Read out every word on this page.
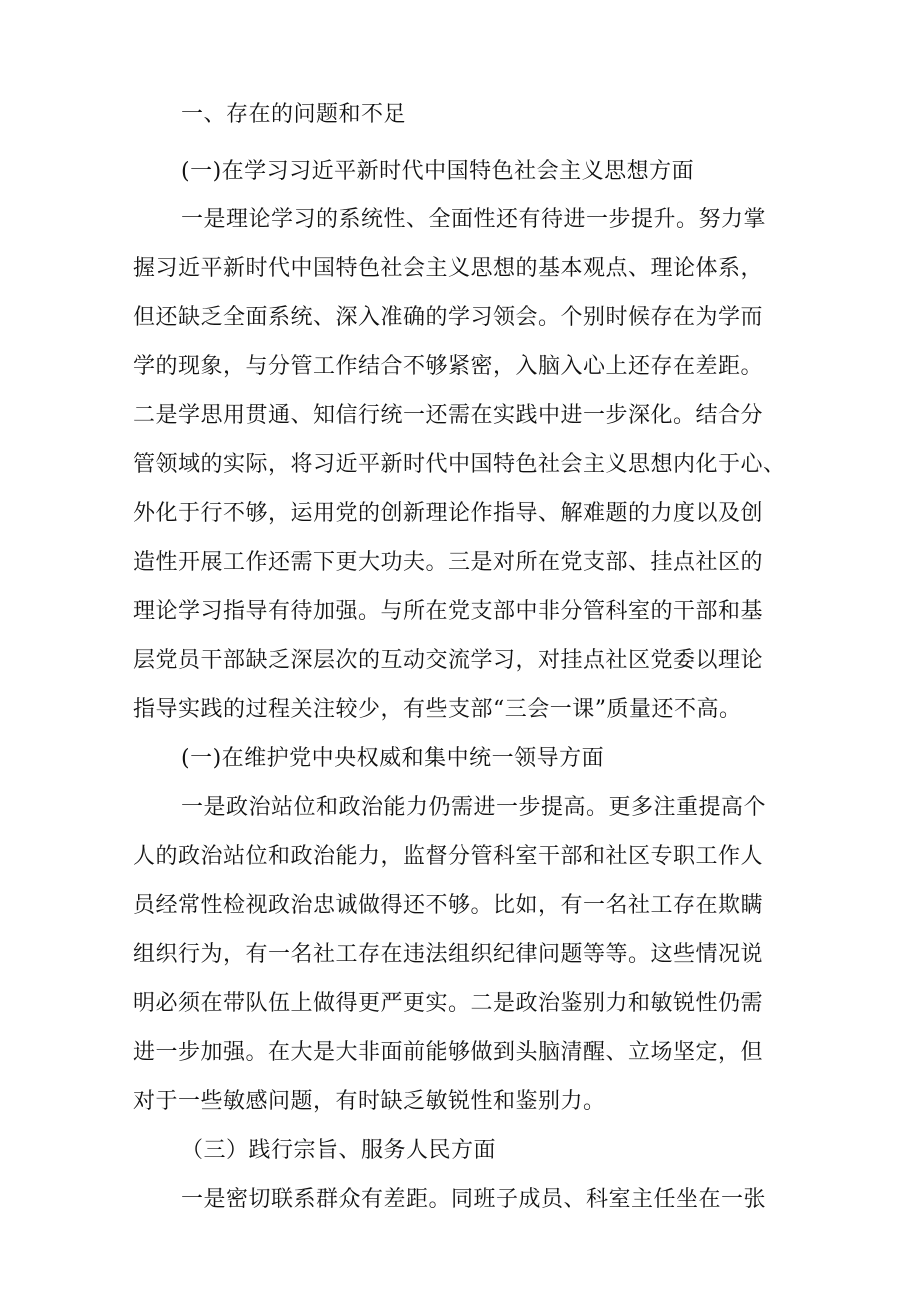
一、存在的问题和不足
(一)在学习习近平新时代中国特色社会主义思想方面
一是理论学习的系统性、全面性还有待进一步提升。努力掌
握习近平新时代中国特色社会主义思想的基本观点、理论体系，
但还缺乏全面系统、深入准确的学习领会。个别时候存在为学而
学的现象，与分管工作结合不够紧密，入脑入心上还存在差距。
二是学思用贯通、知信行统一还需在实践中进一步深化。结合分
管领域的实际，将习近平新时代中国特色社会主义思想内化于心、
外化于行不够，运用党的创新理论作指导、解难题的力度以及创
造性开展工作还需下更大功夫。三是对所在党支部、挂点社区的
理论学习指导有待加强。与所在党支部中非分管科室的干部和基
层党员干部缺乏深层次的互动交流学习，对挂点社区党委以理论
指导实践的过程关注较少，有些支部“三会一课”质量还不高。
(一)在维护党中央权威和集中统一领导方面
一是政治站位和政治能力仍需进一步提高。更多注重提高个
人的政治站位和政治能力，监督分管科室干部和社区专职工作人
员经常性检视政治忠诚做得还不够。比如，有一名社工存在欺瞒
组织行为，有一名社工存在违法组织纪律问题等等。这些情况说
明必须在带队伍上做得更严更实。二是政治鉴别力和敏锐性仍需
进一步加强。在大是大非面前能够做到头脑清醒、立场坚定，但
对于一些敏感问题，有时缺乏敏锐性和鉴别力。
（三）践行宗旨、服务人民方面
一是密切联系群众有差距。同班子成员、科室主任坐在一张
